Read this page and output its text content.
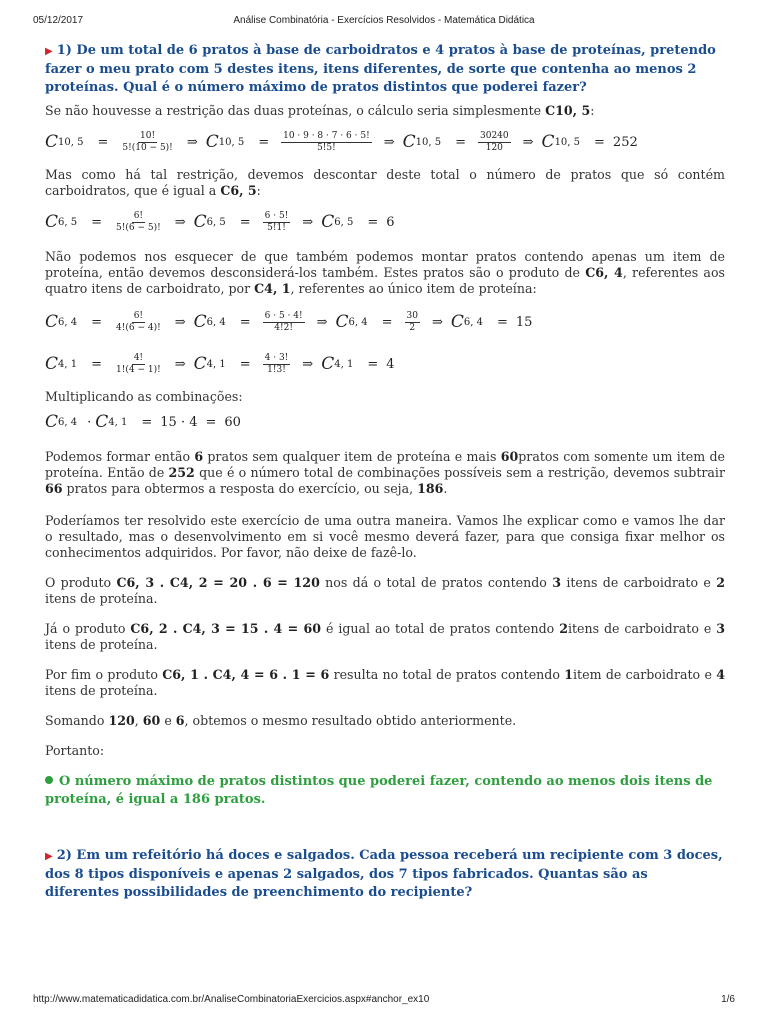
05/12/2017	Análise Combinatória - Exercícios Resolvidos - Matemática Didática

▶ 1) De um total de 6 pratos à base de carboidratos e 4 pratos à base de proteínas, pretendo fazer o meu prato com 5 destes itens, itens diferentes, de sorte que contenha ao menos 2 proteínas. Qual é o número máximo de pratos distintos que poderei fazer?

Se não houvesse a restrição das duas proteínas, o cálculo seria simplesmente C10, 5:

C 10, $5 = \frac{10!}{5!(10 - 5)!}$ ⇒ C 10, $5 = \frac{10 \cdot 9 \cdot 8 \cdot 7 \cdot 6 \cdot 5!}{5!5!}$ ⇒ C 10, $5 = \frac{30240}{120}$ ⇒ C 10, 5 = 252

Mas como há tal restrição, devemos descontar deste total o número de pratos que só contém carboidratos, que é igual a C6, 5:

C 6, $5 = \frac{6!}{5!(6 - 5)!}$ ⇒ C 6, $5 = \frac{6 \cdot 5!}{5!1!}$ ⇒ C 6, 5 = 6

Não podemos nos esquecer de que também podemos montar pratos contendo apenas um item de proteína, então devemos desconsiderá-los também. Estes pratos são o produto de C6, 4, referentes aos quatro itens de carboidrato, por C4, 1, referentes ao único item de proteína:

C 6, $4 = \frac{6!}{4!(6 - 4)!}$ ⇒ C 6, $4 = \frac{6 \cdot 5 \cdot 4!}{4!2!}$ ⇒ C 6, $4 = \frac{30}{2}$ ⇒ C 6, 4 = 15
C 4, $1 = \frac{4!}{1!(4 - 1)!}$ ⇒ C 4, $1 = \frac{4 \cdot 3!}{1!3!}$ ⇒ C 4, 1 = 4

Multiplicando as combinações:

C 6, 4 · C 4, 1 = 15 · 4 = 60

Podemos formar então 6 pratos sem qualquer item de proteína e mais 60pratos com somente um item de proteína. Então de 252 que é o número total de combinações possíveis sem a restrição, devemos subtrair 66 pratos para obtermos a resposta do exercício, ou seja, 186.

Poderíamos ter resolvido este exercício de uma outra maneira. Vamos lhe explicar como e vamos lhe dar o resultado, mas o desenvolvimento em si você mesmo deverá fazer, para que consiga fixar melhor os conhecimentos adquiridos. Por favor, não deixe de fazê-lo.

O produto C6, 3 . C4, 2 = 20 . 6 = 120 nos dá o total de pratos contendo 3 itens de carboidrato e 2 itens de proteína.

Já o produto C6, 2 . C4, 3 = 15 . 4 = 60 é igual ao total de pratos contendo 2itens de carboidrato e 3 itens de proteína.

Por fim o produto C6, 1 . C4, 4 = 6 . 1 = 6 resulta no total de pratos contendo 1item de carboidrato e 4 itens de proteína.

Somando 120, 60 e 6, obtemos o mesmo resultado obtido anteriormente.

Portanto:

O número máximo de pratos distintos que poderei fazer, contendo ao menos dois itens de proteína, é igual a 186 pratos.

▶ 2) Em um refeitório há doces e salgados. Cada pessoa receberá um recipiente com 3 doces, dos 8 tipos disponíveis e apenas 2 salgados, dos 7 tipos fabricados. Quantas são as diferentes possibilidades de preenchimento do recipiente?

http://www.matematicadidatica.com.br/AnaliseCombinatoriaExercicios.aspx#anchor_ex10	1/6
